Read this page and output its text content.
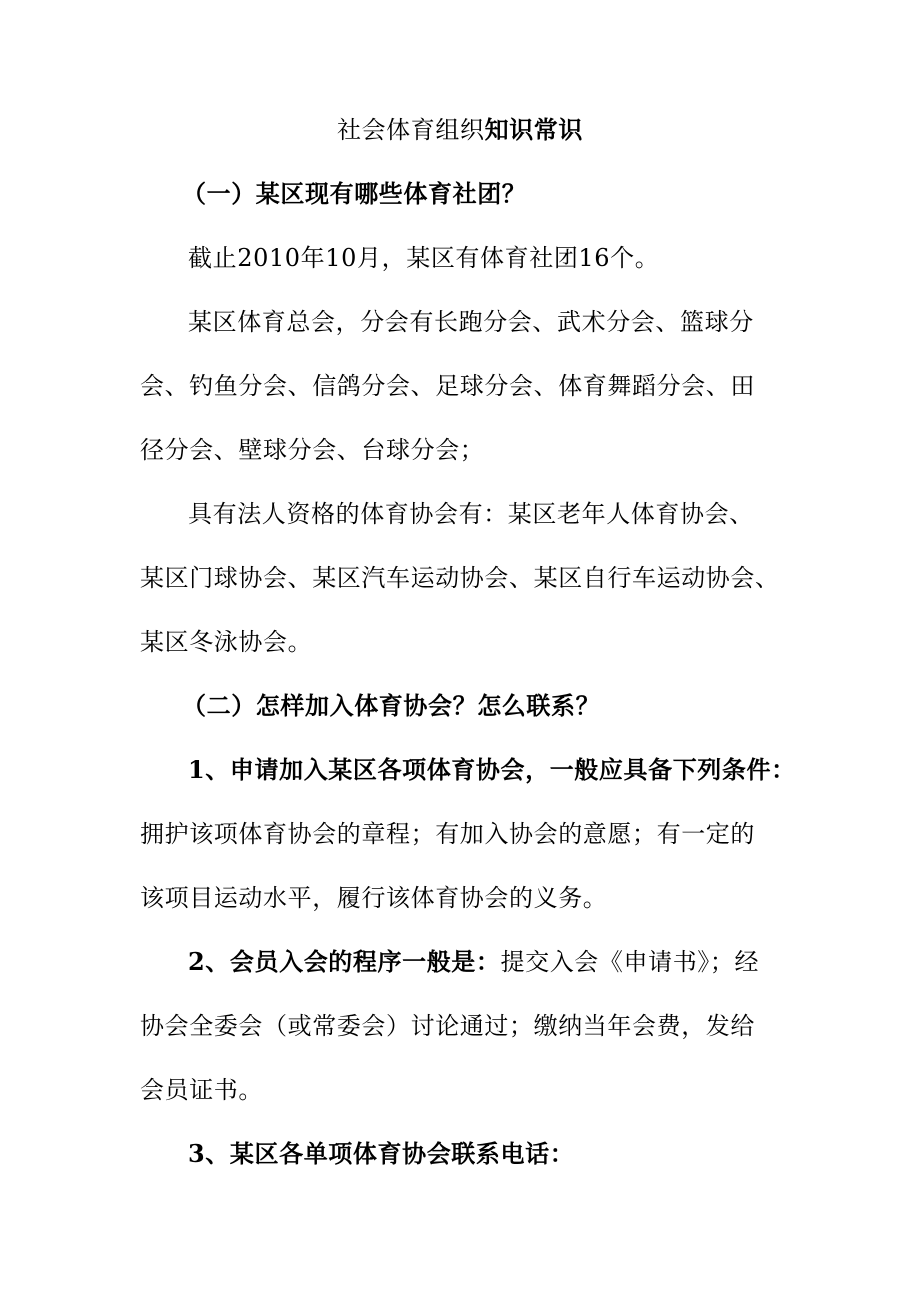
社会体育组织知识常识
（一）某区现有哪些体育社团？
截止2010年10月，某区有体育社团16个。
某区体育总会，分会有长跑分会、武术分会、篮球分
会、钓鱼分会、信鸽分会、足球分会、体育舞蹈分会、田
径分会、壁球分会、台球分会；
具有法人资格的体育协会有：某区老年人体育协会、
某区门球协会、某区汽车运动协会、某区自行车运动协会、
某区冬泳协会。
（二）怎样加入体育协会？怎么联系？
1、申请加入某区各项体育协会，一般应具备下列条件：
拥护该项体育协会的章程；有加入协会的意愿；有一定的
该项目运动水平，履行该体育协会的义务。
2、会员入会的程序一般是：提交入会《申请书》；经
协会全委会（或常委会）讨论通过；缴纳当年会费，发给
会员证书。
3、某区各单项体育协会联系电话：
